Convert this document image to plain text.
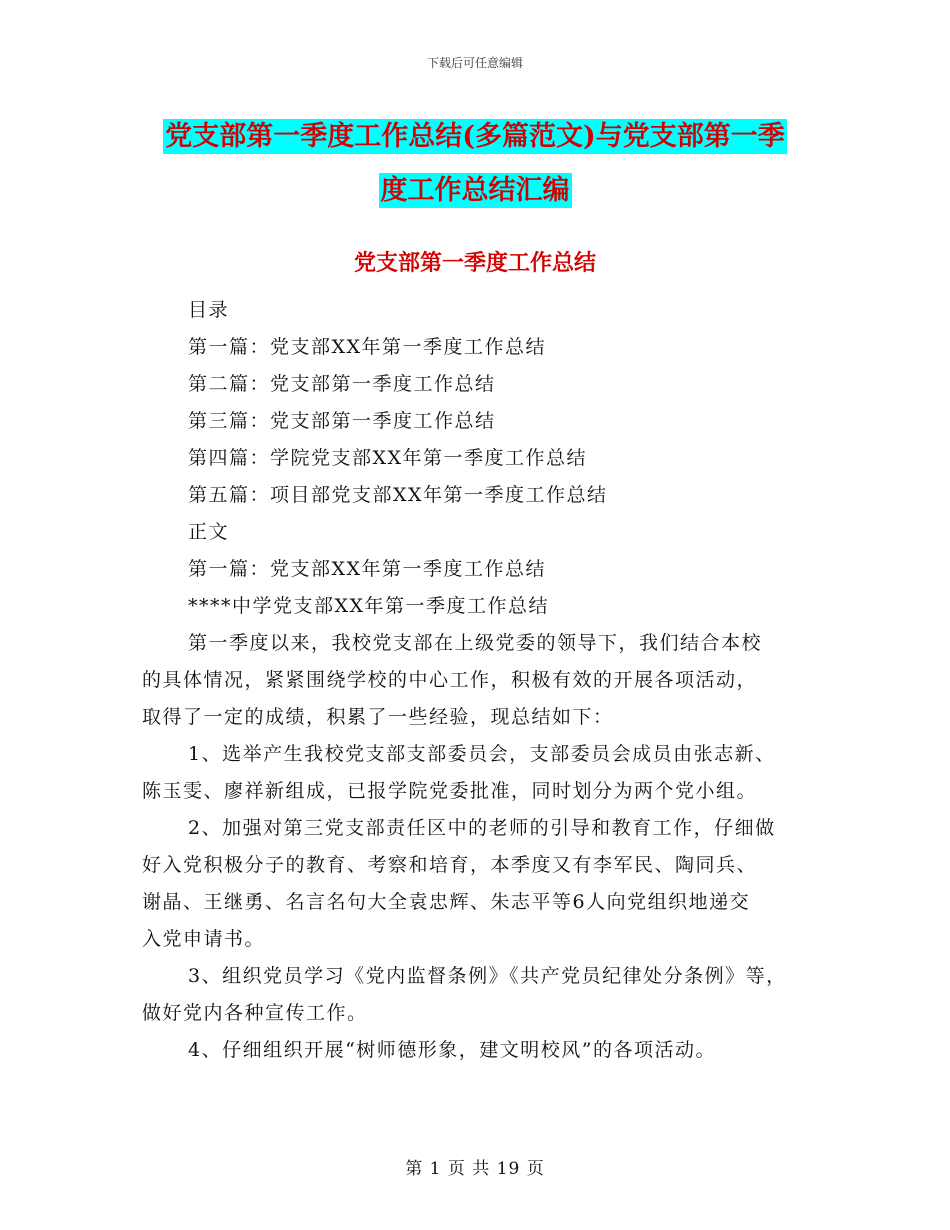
下载后可任意编辑
党支部第一季度工作总结(多篇范文)与党支部第一季
度工作总结汇编
党支部第一季度工作总结
目录
第一篇：党支部XX年第一季度工作总结
第二篇：党支部第一季度工作总结
第三篇：党支部第一季度工作总结
第四篇：学院党支部XX年第一季度工作总结
第五篇：项目部党支部XX年第一季度工作总结
正文
第一篇：党支部XX年第一季度工作总结
****中学党支部XX年第一季度工作总结
第一季度以来，我校党支部在上级党委的领导下，我们结合本校
的具体情况，紧紧围绕学校的中心工作，积极有效的开展各项活动，
取得了一定的成绩，积累了一些经验，现总结如下：
1、选举产生我校党支部支部委员会，支部委员会成员由张志新、
陈玉雯、廖祥新组成，已报学院党委批准，同时划分为两个党小组。
2、加强对第三党支部责任区中的老师的引导和教育工作，仔细做
好入党积极分子的教育、考察和培育，本季度又有李军民、陶同兵、
谢晶、王继勇、名言名句大全袁忠辉、朱志平等6人向党组织地递交
入党申请书。
3、组织党员学习《党内监督条例》《共产党员纪律处分条例》等，
做好党内各种宣传工作。
4、仔细组织开展“树师德形象，建文明校风”的各项活动。
第 1 页 共 19 页
